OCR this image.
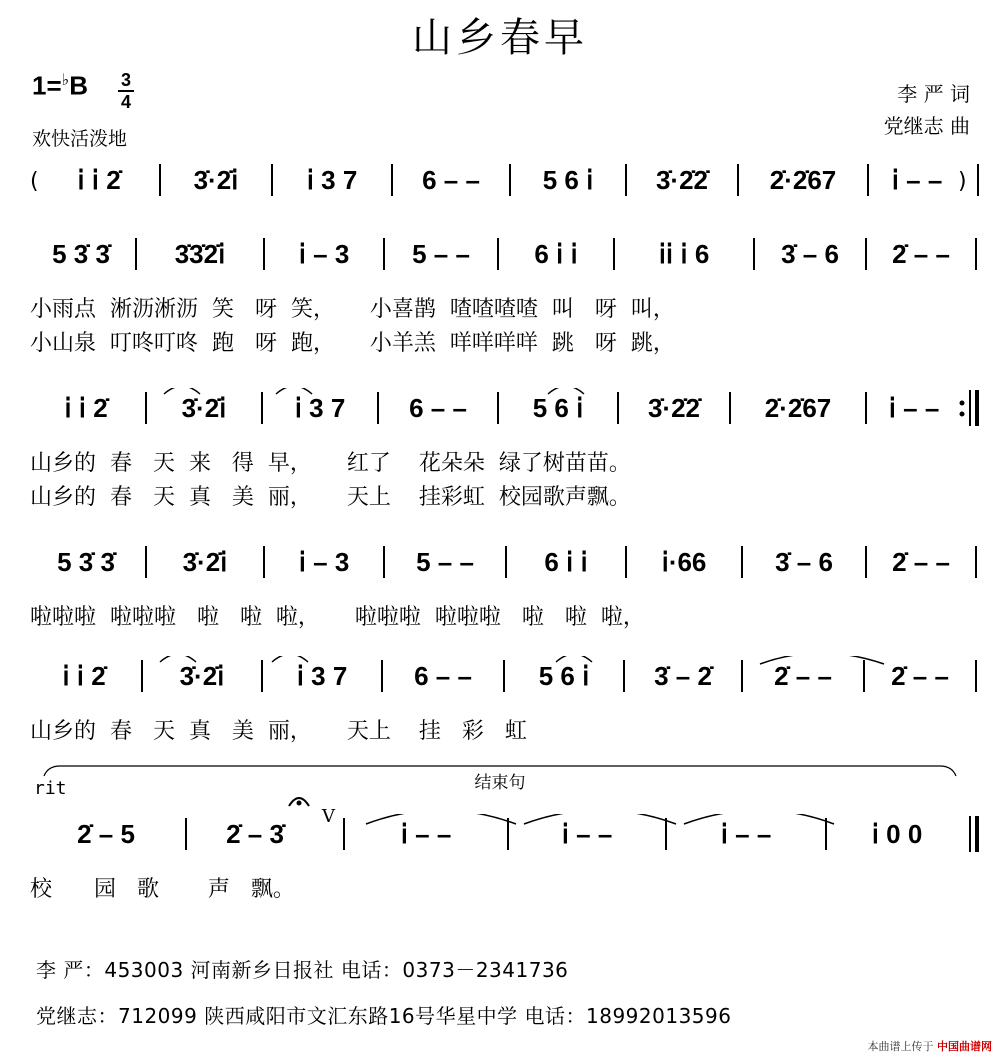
山乡春早
1=♭B 3
4
欢快活泼地
李 严 词
党继志 曲
(	)
ⅰ ⅰ 2̇	3̇·2̇ⅰ	ⅰ 3 7	6 – –	5 6 ⅰ	3̇·2̇2̇	2̇·2̇67	ⅰ – –
5 3̇ 3̇	3̇3̇2̇ⅰ	ⅰ – 3	5 – –	6 ⅰ ⅰ	ⅰⅰ ⅰ 6	3̇ – 6	2̇ – –
小雨点  淅沥淅沥  笑   呀  笑，     小喜鹊  喳喳喳喳  叫   呀  叫，
小山泉  叮咚叮咚  跑   呀  跑，     小羊羔  咩咩咩咩  跳   呀  跳，
ⅰ ⅰ 2̇	3̇·2̇ⅰ	ⅰ 3 7	6 – –	5 6 ⅰ	3̇·2̇2̇	2̇·2̇67	ⅰ – –
山乡的  春   天  来   得  早，     红了    花朵朵  绿了树苗苗。
山乡的  春   天  真   美  丽，     天上    挂彩虹  校园歌声飘。
5 3̇ 3̇	3̇·2̇ⅰ	ⅰ – 3	5 – –	6 ⅰ ⅰ	ⅰ·66	3̇ – 6	2̇ – –
啦啦啦  啦啦啦   啦   啦  啦，     啦啦啦  啦啦啦   啦   啦  啦，
ⅰ ⅰ 2̇	3̇·2̇ⅰ	ⅰ 3 7	6 – –	5 6 ⅰ	3̇ – 2̇	2̇ – –	2̇ – –
山乡的  春   天  真   美  丽，     天上    挂   彩   虹
结束句
rit
V
2̇ – 5	2̇ – 3̇	ⅰ – –	ⅰ – –	ⅰ – –	ⅰ 0 0
校      园   歌       声   飘。
李 严：453003 河南新乡日报社 电话：0373－2341736
党继志：712099 陕西咸阳市文汇东路16号华星中学 电话：18992013596
本曲谱上传于 中国曲谱网
